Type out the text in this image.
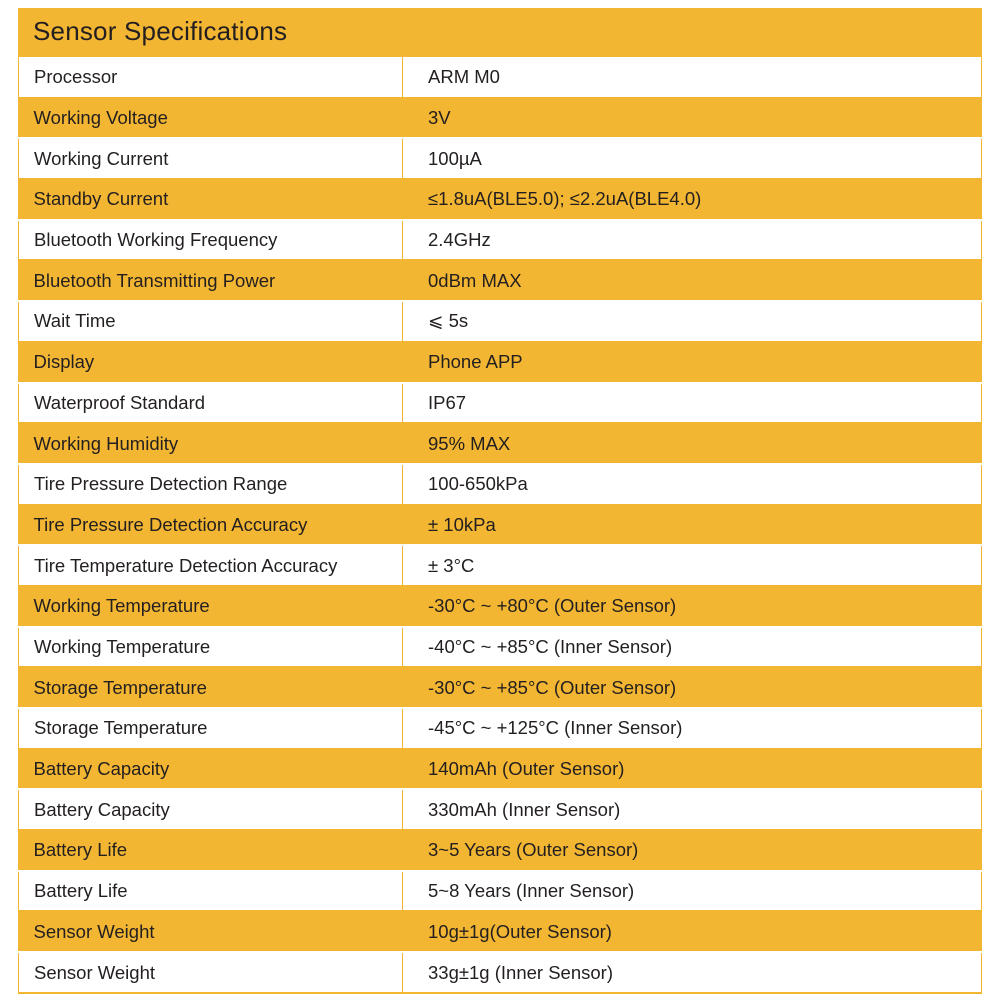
Sensor Specifications
Processor	ARM M0
Working Voltage	3V
Working Current	100µA
Standby Current	≤1.8uA(BLE5.0); ≤2.2uA(BLE4.0)
Bluetooth Working Frequency	2.4GHz
Bluetooth Transmitting Power	0dBm MAX
Wait Time	⩽ 5s
Display	Phone APP
Waterproof Standard	IP67
Working Humidity	95% MAX
Tire Pressure Detection Range	100-650kPa
Tire Pressure Detection Accuracy	± 10kPa
Tire Temperature Detection Accuracy	± 3°C
Working Temperature	-30°C ~ +80°C (Outer Sensor)
Working Temperature	-40°C ~ +85°C (Inner Sensor)
Storage Temperature	-30°C ~ +85°C (Outer Sensor)
Storage Temperature	-45°C ~ +125°C (Inner Sensor)
Battery Capacity	140mAh (Outer Sensor)
Battery Capacity	330mAh (Inner Sensor)
Battery Life	3~5 Years (Outer Sensor)
Battery Life	5~8 Years (Inner Sensor)
Sensor Weight	10g±1g(Outer Sensor)
Sensor Weight	33g±1g (Inner Sensor)
